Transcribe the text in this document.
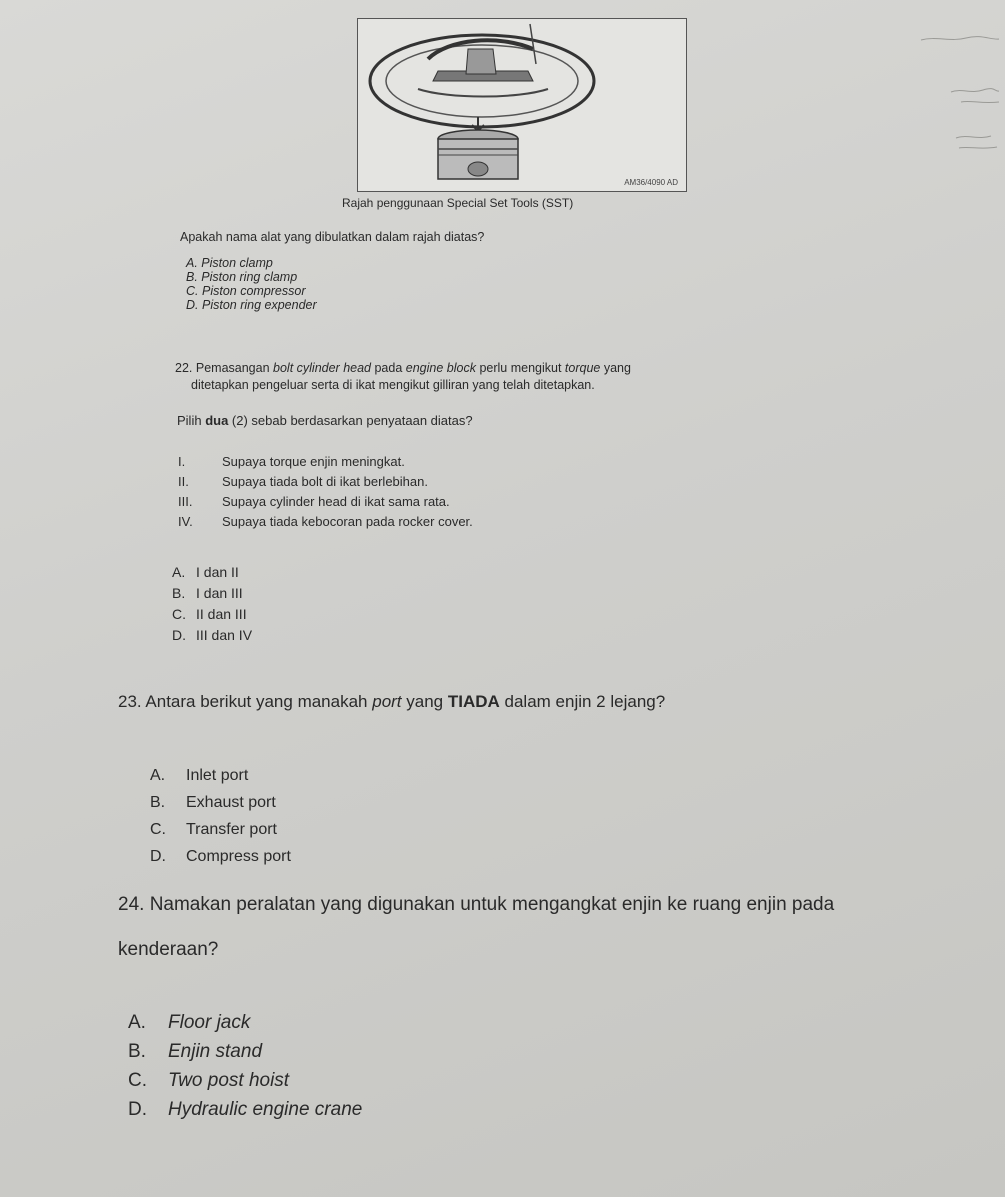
AM36/4090 AD
Rajah penggunaan Special Set Tools (SST)
Apakah nama alat yang dibulatkan dalam rajah diatas?
A. Piston clamp
B. Piston ring clamp
C. Piston compressor
D. Piston ring expender
22. Pemasangan bolt cylinder head pada engine block perlu mengikut torque yang
ditetapkan pengeluar serta di ikat mengikut gilliran yang telah ditetapkan.
Pilih dua (2) sebab berdasarkan penyataan diatas?
I.	Supaya torque enjin meningkat.
II.	Supaya tiada bolt di ikat berlebihan.
III. Supaya cylinder head di ikat sama rata.
IV. Supaya tiada kebocoran pada rocker cover.
A. I dan II
B. I dan III
C. II dan III
D. III dan IV
23. Antara berikut yang manakah port yang TIADA dalam enjin 2 lejang?
A. Inlet port
B. Exhaust port
C. Transfer port
D. Compress port
24. Namakan peralatan yang digunakan untuk mengangkat enjin ke ruang enjin pada
kenderaan?
A. Floor jack
B. Enjin stand
C. Two post hoist
D. Hydraulic engine crane
